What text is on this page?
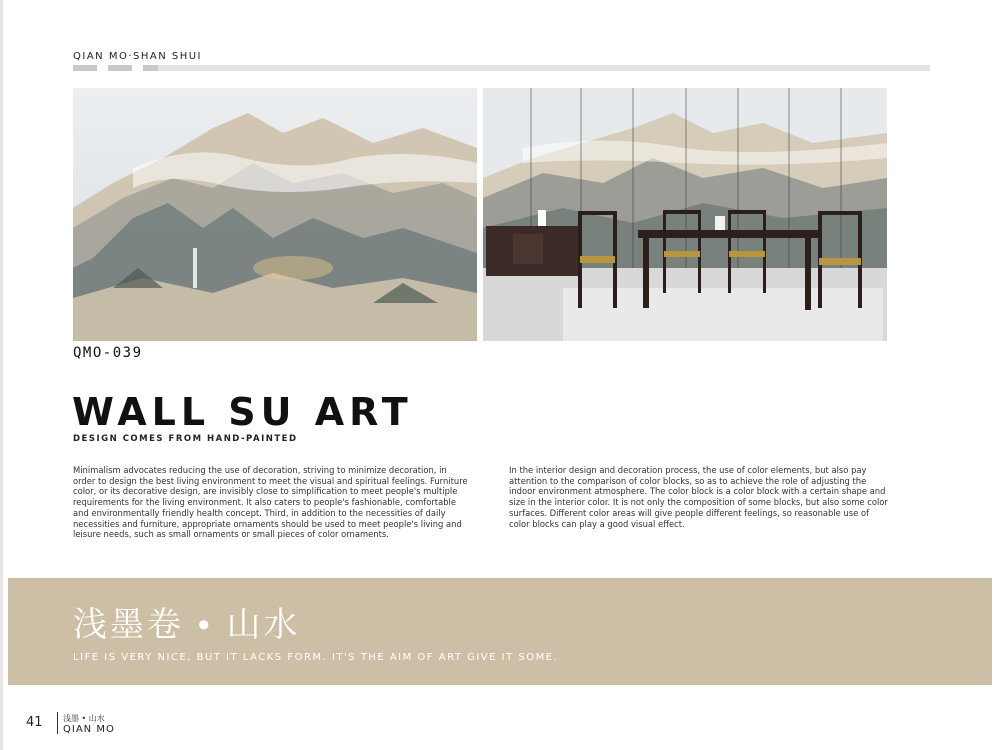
QIAN MO·SHAN SHUI
QMO-039
WALL SU ART
DESIGN COMES FROM HAND-PAINTED
Minimalism advocates reducing the use of decoration, striving to minimize decoration, in order to design the best living environment to meet the visual and spiritual feelings. Furniture color, or its decorative design, are invisibly close to simplification to meet people's multiple requirements for the living environment. It also caters to people's fashionable, comfortable and environmentally friendly health concept. Third, in addition to the necessities of daily necessities and furniture, appropriate ornaments should be used to meet people's living and leisure needs, such as small ornaments or small pieces of color ornaments.
In the interior design and decoration process, the use of color elements, but also pay attention to the comparison of color blocks, so as to achieve the role of adjusting the indoor environment atmosphere. The color block is a color block with a certain shape and size in the interior color. It is not only the composition of some blocks, but also some color surfaces. Different color areas will give people different feelings, so reasonable use of color blocks can play a good visual effect.
浅墨卷 • 山水
LIFE IS VERY NICE, BUT IT LACKS FORM. IT'S THE AIM OF ART GIVE IT SOME.
41	浅墨 • 山水
QIAN MO
